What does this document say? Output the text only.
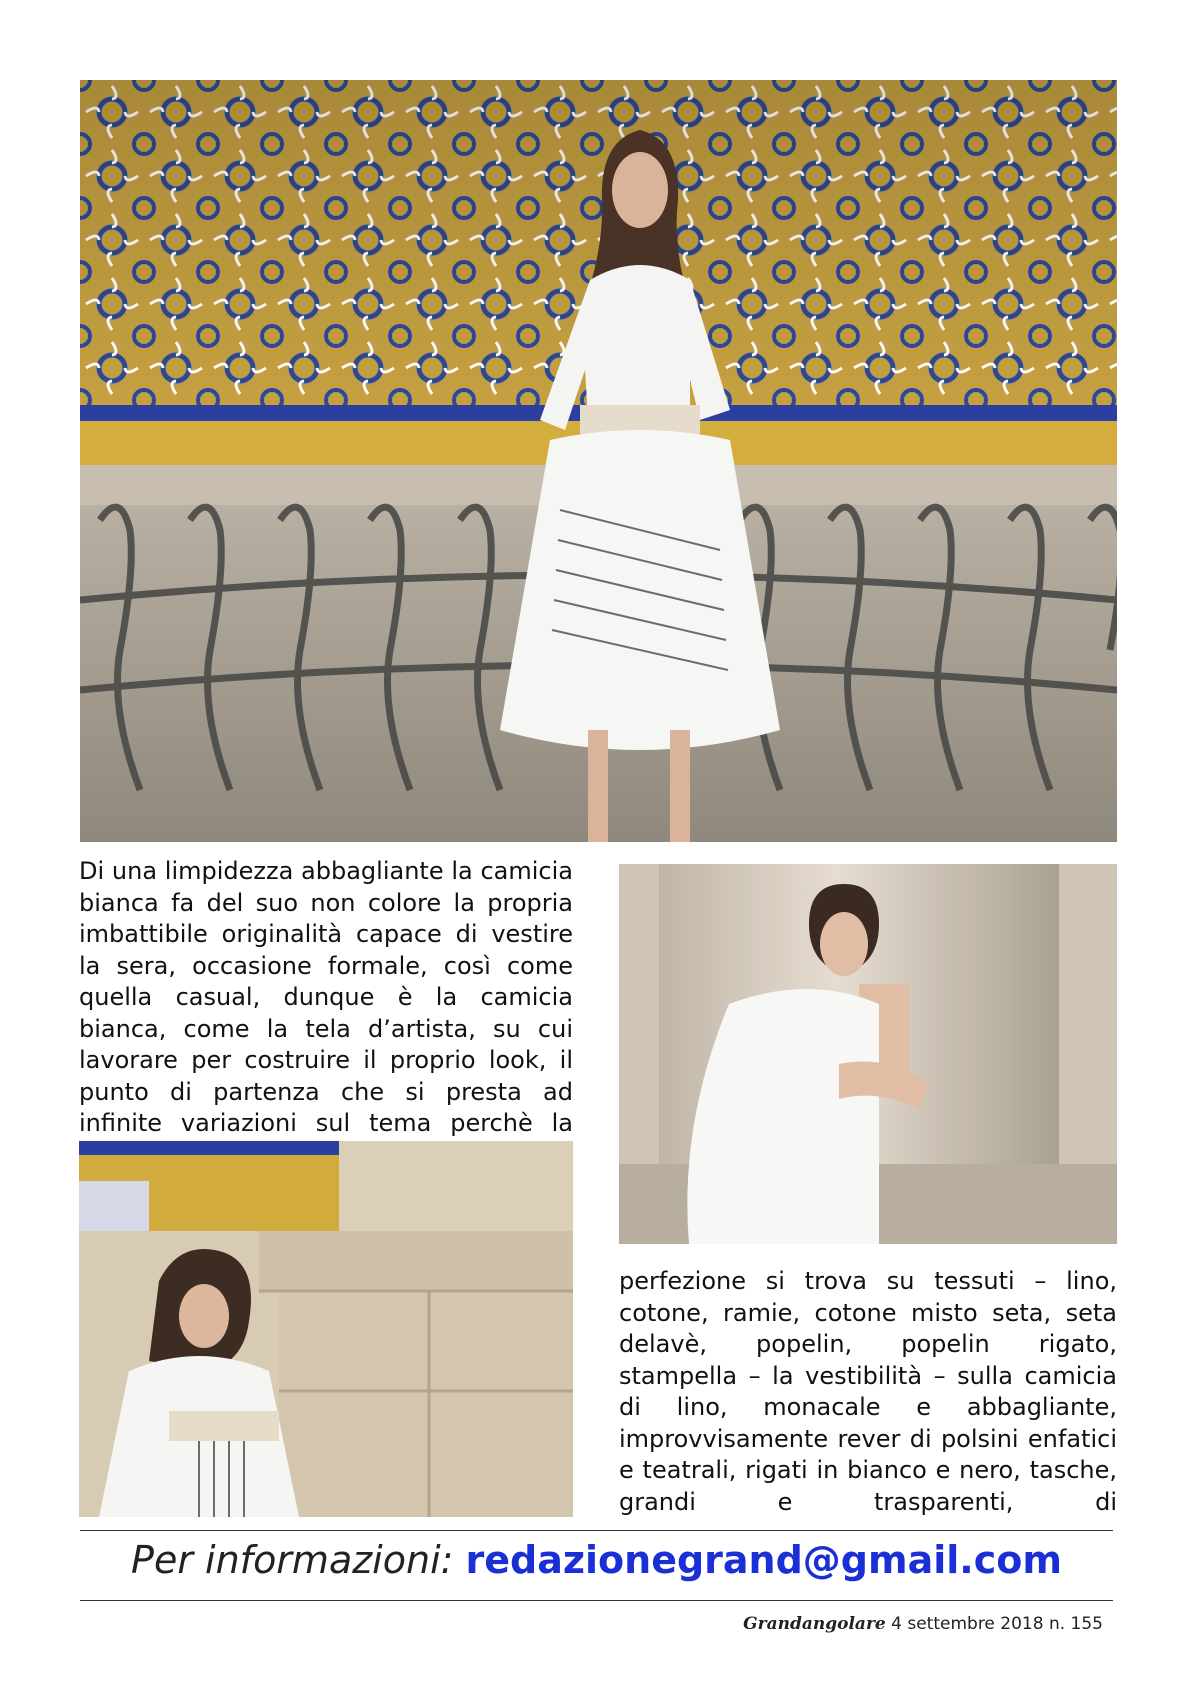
Di una limpidezza abbagliante la camicia bianca fa del suo non colore la propria imbattibile originalità capace di vestire la sera, occasione formale, così come quella casual, dunque è la camicia bianca, come la tela d’artista, su cui lavorare per costruire il proprio look, il punto di partenza che si presta ad infinite variazioni sul tema perchè la

perfezione si trova su tessuti – lino, cotone, ramie, cotone misto seta, seta delavè, popelin, popelin rigato, stampella – la vestibilità – sulla camicia di lino, monacale e abbagliante, improvvisamente rever di polsini enfatici e teatrali, rigati in bianco e nero, tasche, grandi e trasparenti, di

Per informazioni: redazionegrand@gmail.com
Grandangolare 4 settembre 2018 n. 155
